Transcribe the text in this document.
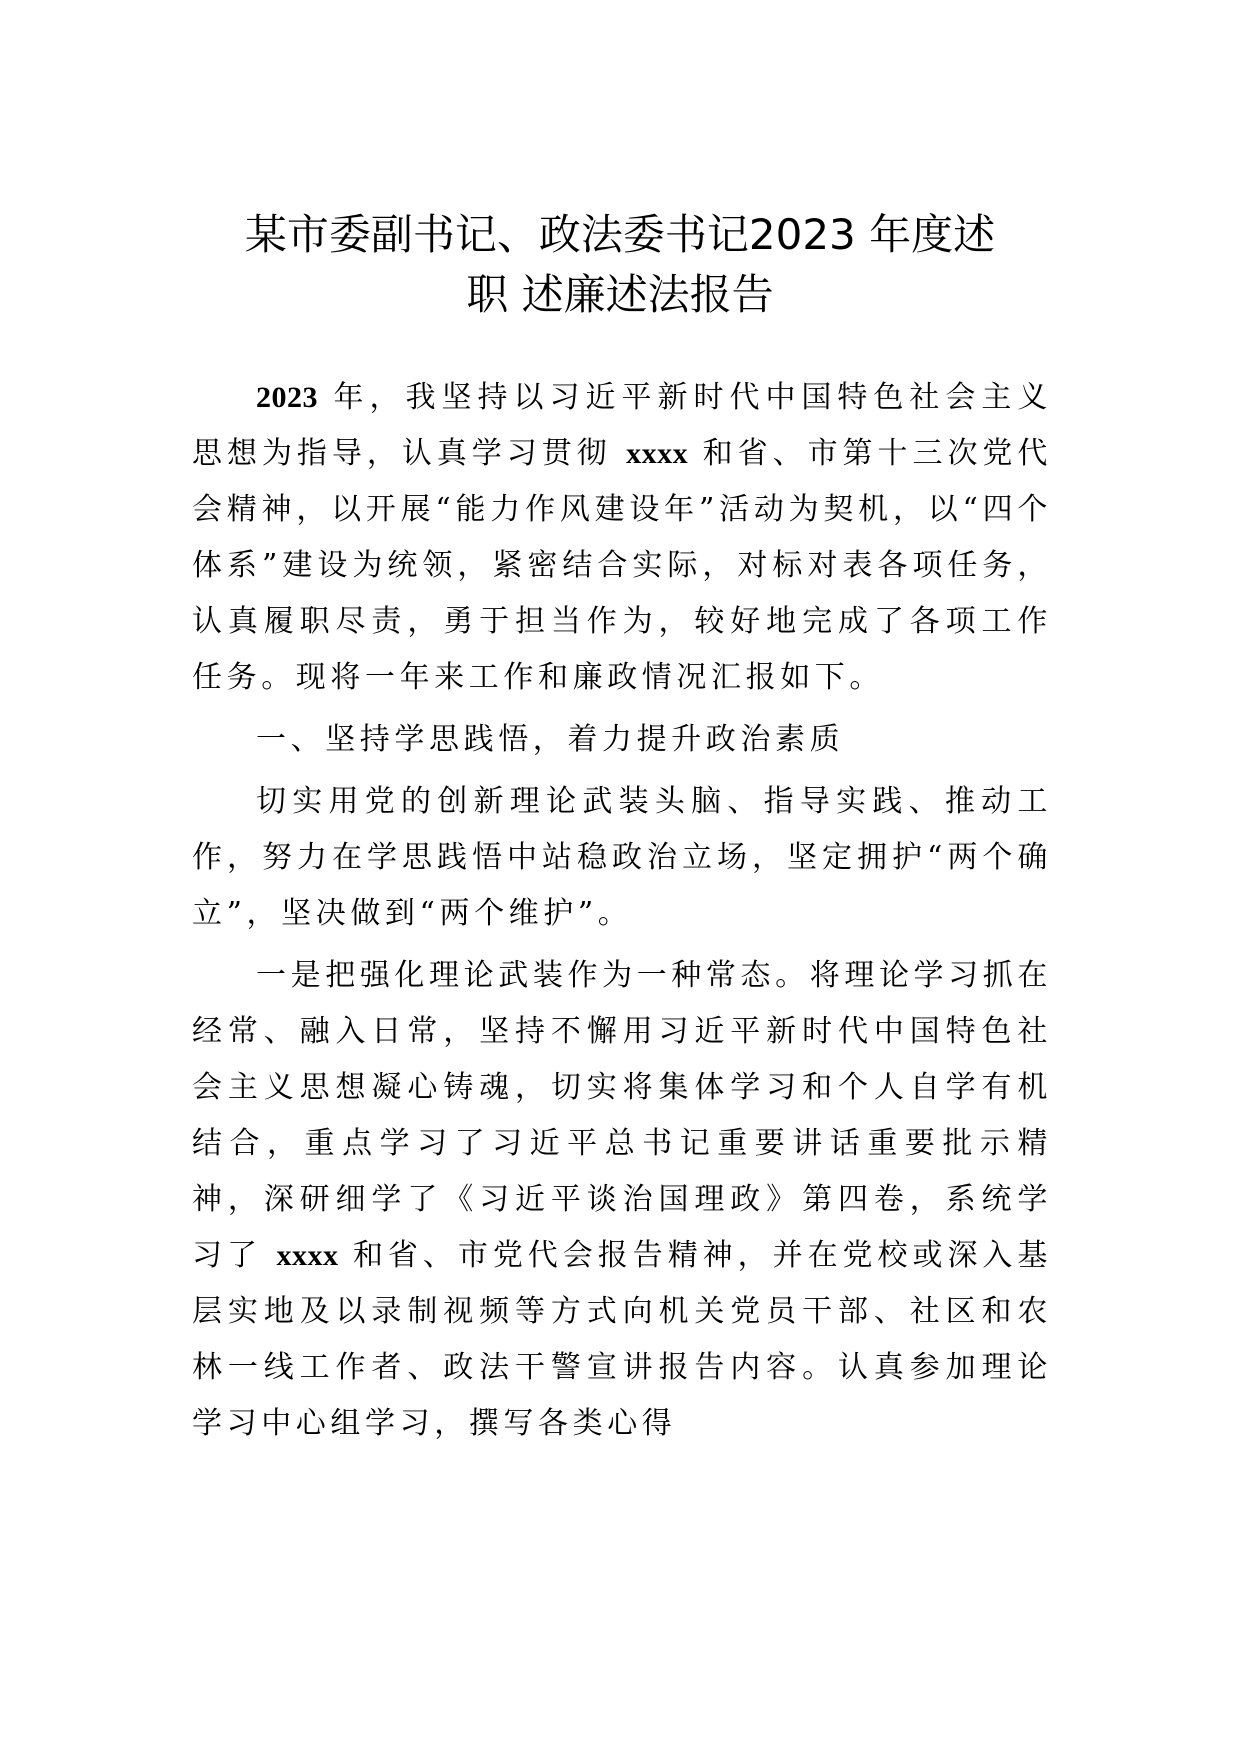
某市委副书记、政法委书记2023 年度述
职 述廉述法报告

2023 年，我坚持以习近平新时代中国特色社会主义思想为指导，认真学习贯彻 xxxx 和省、市第十三次党代会精神，以开展“能力作风建设年”活动为契机，以“四个体系”建设为统领，紧密结合实际，对标对表各项任务，认真履职尽责，勇于担当作为，较好地完成了各项工作任务。现将一年来工作和廉政情况汇报如下。

一、坚持学思践悟，着力提升政治素质

切实用党的创新理论武装头脑、指导实践、推动工作，努力在学思践悟中站稳政治立场，坚定拥护“两个确立”，坚决做到“两个维护”。

一是把强化理论武装作为一种常态。将理论学习抓在经常、融入日常，坚持不懈用习近平新时代中国特色社会主义思想凝心铸魂，切实将集体学习和个人自学有机结合，重点学习了习近平总书记重要讲话重要批示精神，深研细学了《习近平谈治国理政》第四卷，系统学习了 xxxx 和省、市党代会报告精神，并在党校或深入基层实地及以录制视频等方式向机关党员干部、社区和农林一线工作者、政法干警宣讲报告内容。认真参加理论学习中心组学习，撰写各类心得
